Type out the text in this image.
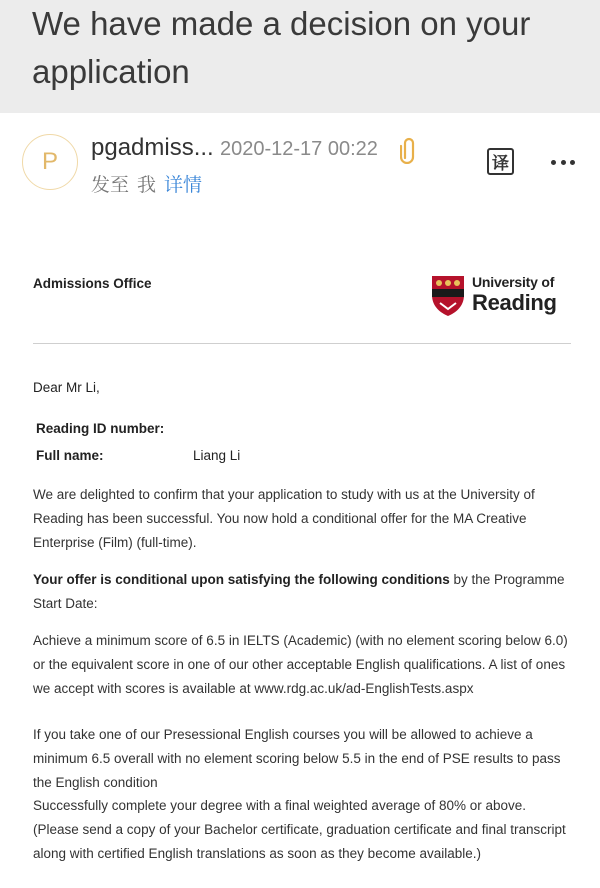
We have made a decision on your application
P
pgadmiss... 2020-12-17 00:22
发至 我 详情
译
Admissions Office	University of
Reading
Dear Mr Li,
Reading ID number:
Full name:	Liang Li

We are delighted to confirm that your application to study with us at the University of Reading has been successful. You now hold a conditional offer for the MA Creative Enterprise (Film) (full-time).

Your offer is conditional upon satisfying the following conditions by the Programme Start Date:

Achieve a minimum score of 6.5 in IELTS (Academic) (with no element scoring below 6.0) or the equivalent score in one of our other acceptable English qualifications. A list of ones we accept with scores is available at www.rdg.ac.uk/ad-EnglishTests.aspx

If you take one of our Presessional English courses you will be allowed to achieve a minimum 6.5 overall with no element scoring below 5.5 in the end of PSE results to pass the English condition

Successfully complete your degree with a final weighted average of 80% or above. (Please send a copy of your Bachelor certificate, graduation certificate and final transcript along with certified English translations as soon as they become available.)
